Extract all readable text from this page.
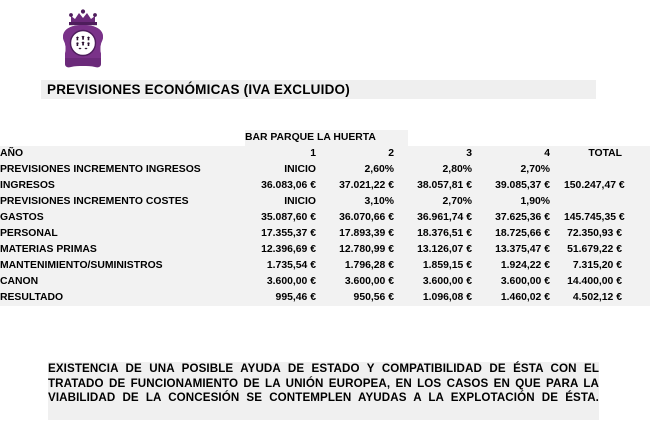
PREVISIONES ECONÓMICAS (IVA EXCLUIDO)
	BAR PARQUE LA HUERTA				
AÑO	1	2	3	4	TOTAL
PREVISIONES INCREMENTO INGRESOS	INICIO	2,60%	2,80%	2,70%	
INGRESOS	36.083,06 €	37.021,22 €	38.057,81 €	39.085,37 €	150.247,47 €
PREVISIONES INCREMENTO COSTES	INICIO	3,10%	2,70%	1,90%	
GASTOS	35.087,60 €	36.070,66 €	36.961,74 €	37.625,36 €	145.745,35 €
PERSONAL	17.355,37 €	17.893,39 €	18.376,51 €	18.725,66 €	72.350,93 €
MATERIAS PRIMAS	12.396,69 €	12.780,99 €	13.126,07 €	13.375,47 €	51.679,22 €
MANTENIMIENTO/SUMINISTROS	1.735,54 €	1.796,28 €	1.859,15 €	1.924,22 €	7.315,20 €
CANON	3.600,00 €	3.600,00 €	3.600,00 €	3.600,00 €	14.400,00 €
RESULTADO	995,46 €	950,56 €	1.096,08 €	1.460,02 €	4.502,12 €
EXISTENCIA DE UNA POSIBLE AYUDA DE ESTADO Y COMPATIBILIDAD DE ÉSTA CON EL TRATADO DE FUNCIONAMIENTO DE LA UNIÓN EUROPEA, EN LOS CASOS EN QUE PARA LA VIABILIDAD DE LA CONCESIÓN SE CONTEMPLEN AYUDAS A LA EXPLOTACIÓN DE ÉSTA.
